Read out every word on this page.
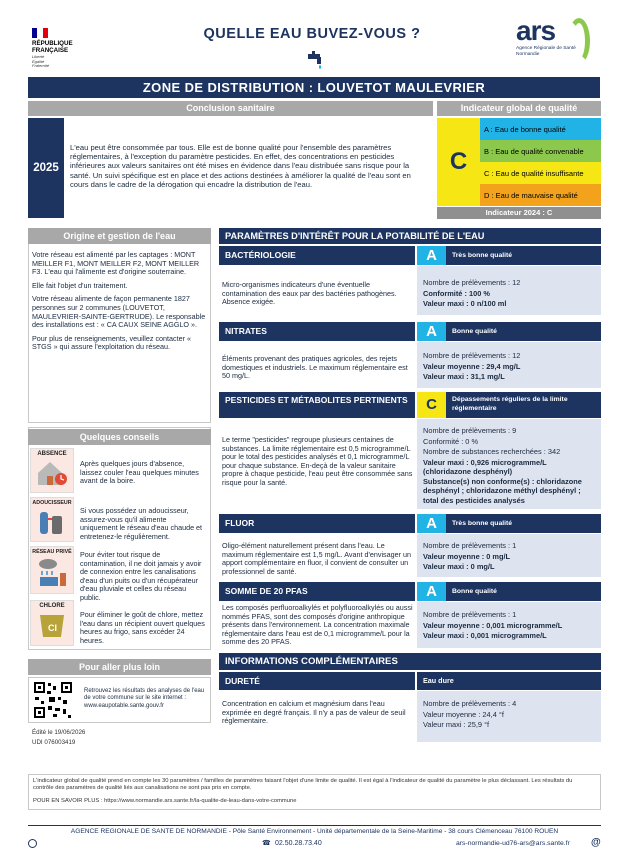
RÉPUBLIQUE
FRANÇAISE
Liberté
Égalité
Fraternité
QUELLE EAU BUVEZ-VOUS ?	ars
Agence Régionale de Santé
Normandie
ZONE DE DISTRIBUTION : LOUVETOT MAULEVRIER
Conclusion sanitaire
2025
L'eau peut être consommée par tous. Elle est de bonne qualité pour l'ensemble des paramètres réglementaires, à l'exception du paramètre pesticides. En effet, des concentrations en pesticides inférieures aux valeurs sanitaires ont été mises en évidence dans l'eau distribuée sans risque pour la santé. Un suivi spécifique est en place et des actions destinées à améliorer la qualité de l'eau sont en cours dans le cadre de la dérogation qui encadre la distribution de l'eau.
Indicateur global de qualité
C
A : Eau de bonne qualité
B : Eau de qualité convenable
C : Eau de qualité insuffisante
D : Eau de mauvaise qualité
Indicateur 2024 : C
Origine et gestion de l'eau
Votre réseau est alimenté par les captages : MONT MEILLER F1, MONT MEILLER F2, MONT MEILLER F3. L'eau qui l'alimente est d'origine souterraine.
Elle fait l'objet d'un traitement.
Votre réseau alimente de façon permanente 1827 personnes sur 2 communes (LOUVETOT, MAULEVRIER-SAINTE-GERTRUDE). Le responsable des installations est : « CA CAUX SEINE AGGLO ».
Pour plus de renseignements, veuillez contacter « STGS » qui assure l'exploitation du réseau.
Quelques conseils
ABSENCE
Après quelques jours d'absence, laissez couler l'eau quelques minutes avant de la boire.
ADOUCISSEUR
Si vous possédez un adoucisseur, assurez-vous qu'il alimente uniquement le réseau d'eau chaude et entretenez-le régulièrement.
RÉSEAU PRIVÉ Pour éviter tout risque de contamination, il ne doit jamais y avoir de connexion entre les canalisations d'eau d'un puits ou d'un récupérateur d'eau pluviale et celles du réseau public.
CHLORE
Cl
Pour éliminer le goût de chlore, mettez l'eau dans un récipient ouvert quelques heures au frigo, sans excéder 24 heures.
Pour aller plus loin
Retrouvez les résultats des analyses de l'eau de votre commune sur le site internet : www.eaupotable.sante.gouv.fr
Édité le 19/06/2026
UDI 076003419
PARAMÈTRES D'INTÉRÊT POUR LA POTABILITÉ DE L'EAU
BACTÉRIOLOGIE	A	Très bonne qualité
Micro-organismes indicateurs d'une éventuelle contamination des eaux par des bactéries pathogènes. Absence exigée.
Nombre de prélèvements : 12
Conformité : 100 %
Valeur maxi : 0 n/100 ml
NITRATES	A	Bonne qualité
Éléments provenant des pratiques agricoles, des rejets domestiques et industriels. Le maximum réglementaire est 50 mg/L.
Nombre de prélèvements : 12
Valeur moyenne : 29,4 mg/L
Valeur maxi : 31,1 mg/L
PESTICIDES ET MÉTABOLITES PERTINENTS	C	Dépassements réguliers de la limite réglementaire
Le terme "pesticides" regroupe plusieurs centaines de substances. La limite réglementaire est 0,5 microgramme/L pour le total des pesticides analysés et 0,1 microgramme/L pour chaque substance. En-deçà de la valeur sanitaire propre à chaque pesticide, l'eau peut être consommée sans risque pour la santé.
Nombre de prélèvements : 9
Conformité : 0 %
Nombre de substances recherchées : 342
Valeur maxi : 0,926 microgramme/L (chloridazone desphényl)
Substance(s) non conforme(s) : chloridazone desphényl ; chloridazone méthyl desphényl ; total des pesticides analysés
FLUOR	A	Très bonne qualité
Oligo-élément naturellement présent dans l'eau. Le maximum réglementaire est 1,5 mg/L. Avant d'envisager un apport complémentaire en fluor, il convient de consulter un professionnel de santé.
Nombre de prélèvements : 1
Valeur moyenne : 0 mg/L
Valeur maxi : 0 mg/L
SOMME DE 20 PFAS	A	Bonne qualité
Les composés perfluoroalkylés et polyfluoroalkylés ou aussi nommés PFAS, sont des composés d'origine anthropique présents dans l'environnement. La concentration maximale réglementaire dans l'eau est de 0,1 microgramme/L pour la somme des 20 PFAS.
Nombre de prélèvements : 1
Valeur moyenne : 0,001 microgramme/L
Valeur maxi : 0,001 microgramme/L
INFORMATIONS COMPLÉMENTAIRES
DURETÉ	Eau dure
Concentration en calcium et magnésium dans l'eau exprimée en degré français. Il n'y a pas de valeur de seuil réglementaire.
Nombre de prélèvements : 4
Valeur moyenne : 24,4 °f
Valeur maxi : 25,9 °f
L'indicateur global de qualité prend en compte les 30 paramètres / familles de paramètres faisant l'objet d'une limite de qualité. Il est égal à l'indicateur de qualité du paramètre le plus déclassant. Les résultats du contrôle des paramètres de qualité liés aux canalisations ne sont pas pris en compte.
POUR EN SAVOIR PLUS : https://www.normandie.ars.sante.fr/la-qualite-de-leau-dans-votre-commune
AGENCE REGIONALE DE SANTE DE NORMANDIE - Pôle Santé Environnement - Unité départementale de la Seine-Maritime - 38 cours Clémenceau 76100 ROUEN
☎ 02.50.28.73.40	ars-normandie-ud76-ars@ars.sante.fr @
